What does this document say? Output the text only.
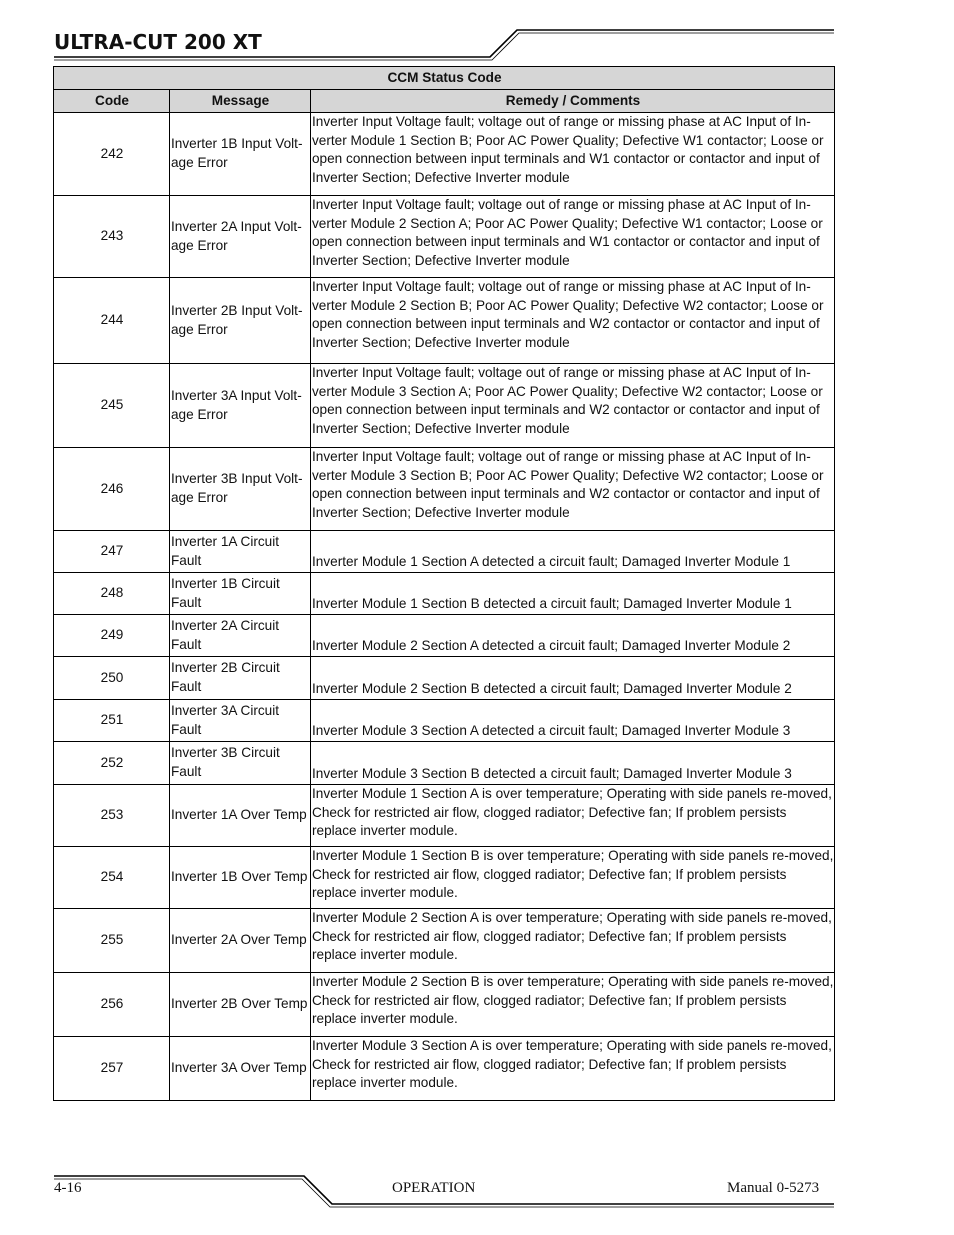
ULTRA-CUT 200 XT
CCM Status Code		
Code	Message	Remedy / Comments
242	Inverter 1B Input Volt-age Error	Inverter Input Voltage fault; voltage out of range or missing phase at AC Input of In-verter Module 1 Section B; Poor AC Power Quality; Defective W1 contactor; Loose or open connection between input terminals and W1 contactor or contactor and input of Inverter Section; Defective Inverter module
243	Inverter 2A Input Volt-age Error	Inverter Input Voltage fault; voltage out of range or missing phase at AC Input of In-verter Module 2 Section A; Poor AC Power Quality; Defective W1 contactor; Loose or open connection between input terminals and W1 contactor or contactor and input of Inverter Section; Defective Inverter module
244	Inverter 2B Input Volt-age Error	Inverter Input Voltage fault; voltage out of range or missing phase at AC Input of In-verter Module 2 Section B; Poor AC Power Quality; Defective W2 contactor; Loose or open connection between input terminals and W2 contactor or contactor and input of Inverter Section; Defective Inverter module
245	Inverter 3A Input Volt-age Error	Inverter Input Voltage fault; voltage out of range or missing phase at AC Input of In-verter Module 3 Section A; Poor AC Power Quality; Defective W2 contactor; Loose or open connection between input terminals and W2 contactor or contactor and input of Inverter Section; Defective Inverter module
246	Inverter 3B Input Volt-age Error	Inverter Input Voltage fault; voltage out of range or missing phase at AC Input of In-verter Module 3 Section B; Poor AC Power Quality; Defective W2 contactor; Loose or open connection between input terminals and W2 contactor or contactor and input of Inverter Section; Defective Inverter module
247	Inverter 1A Circuit Fault	Inverter Module 1 Section A detected a circuit fault; Damaged Inverter Module 1
248	Inverter 1B Circuit Fault	Inverter Module 1 Section B detected a circuit fault; Damaged Inverter Module 1
249	Inverter 2A Circuit Fault	Inverter Module 2 Section A detected a circuit fault; Damaged Inverter Module 2
250	Inverter 2B Circuit Fault	Inverter Module 2 Section B detected a circuit fault; Damaged Inverter Module 2
251	Inverter 3A Circuit Fault	Inverter Module 3 Section A detected a circuit fault; Damaged Inverter Module 3
252	Inverter 3B Circuit Fault	Inverter Module 3 Section B detected a circuit fault; Damaged Inverter Module 3
253	Inverter 1A Over Temp	Inverter Module 1 Section A is over temperature; Operating with side panels re-moved, Check for restricted air flow, clogged radiator; Defective fan; If problem persists replace inverter module.
254	Inverter 1B Over Temp	Inverter Module 1 Section B is over temperature; Operating with side panels re-moved, Check for restricted air flow, clogged radiator; Defective fan; If problem persists replace inverter module.
255	Inverter 2A Over Temp	Inverter Module 2 Section A is over temperature; Operating with side panels re-moved, Check for restricted air flow, clogged radiator; Defective fan; If problem persists replace inverter module.
256	Inverter 2B Over Temp	Inverter Module 2 Section B is over temperature; Operating with side panels re-moved, Check for restricted air flow, clogged radiator; Defective fan; If problem persists replace inverter module.
257	Inverter 3A Over Temp	Inverter Module 3 Section A is over temperature; Operating with side panels re-moved, Check for restricted air flow, clogged radiator; Defective fan; If problem persists replace inverter module.
4-16	OPERATION	Manual 0-5273
